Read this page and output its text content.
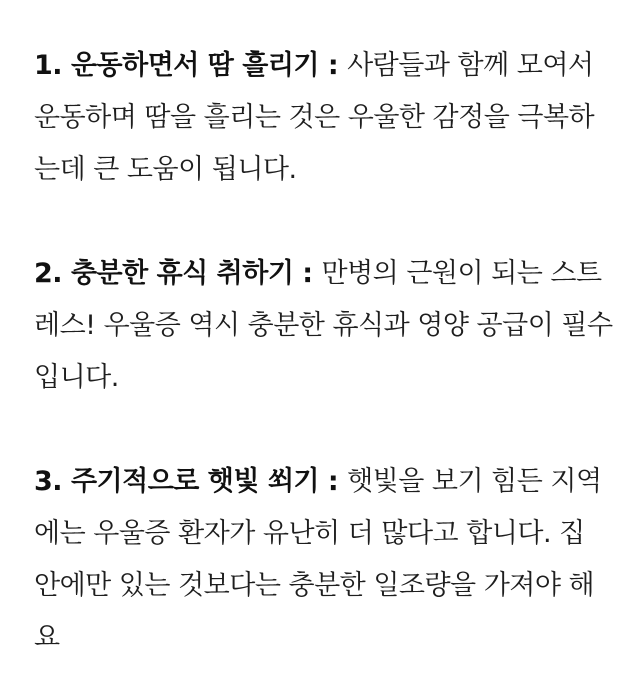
1. 운동하면서 땀 흘리기 : 사람들과 함께 모여서 운동하며 땀을 흘리는 것은 우울한 감정을 극복하는데 큰 도움이 됩니다.

2. 충분한 휴식 취하기 : 만병의 근원이 되는 스트레스! 우울증 역시 충분한 휴식과 영양 공급이 필수입니다.

3. 주기적으로 햇빛 쐬기 : 햇빛을 보기 힘든 지역에는 우울증 환자가 유난히 더 많다고 합니다. 집 안에만 있는 것보다는 충분한 일조량을 가져야 해요
